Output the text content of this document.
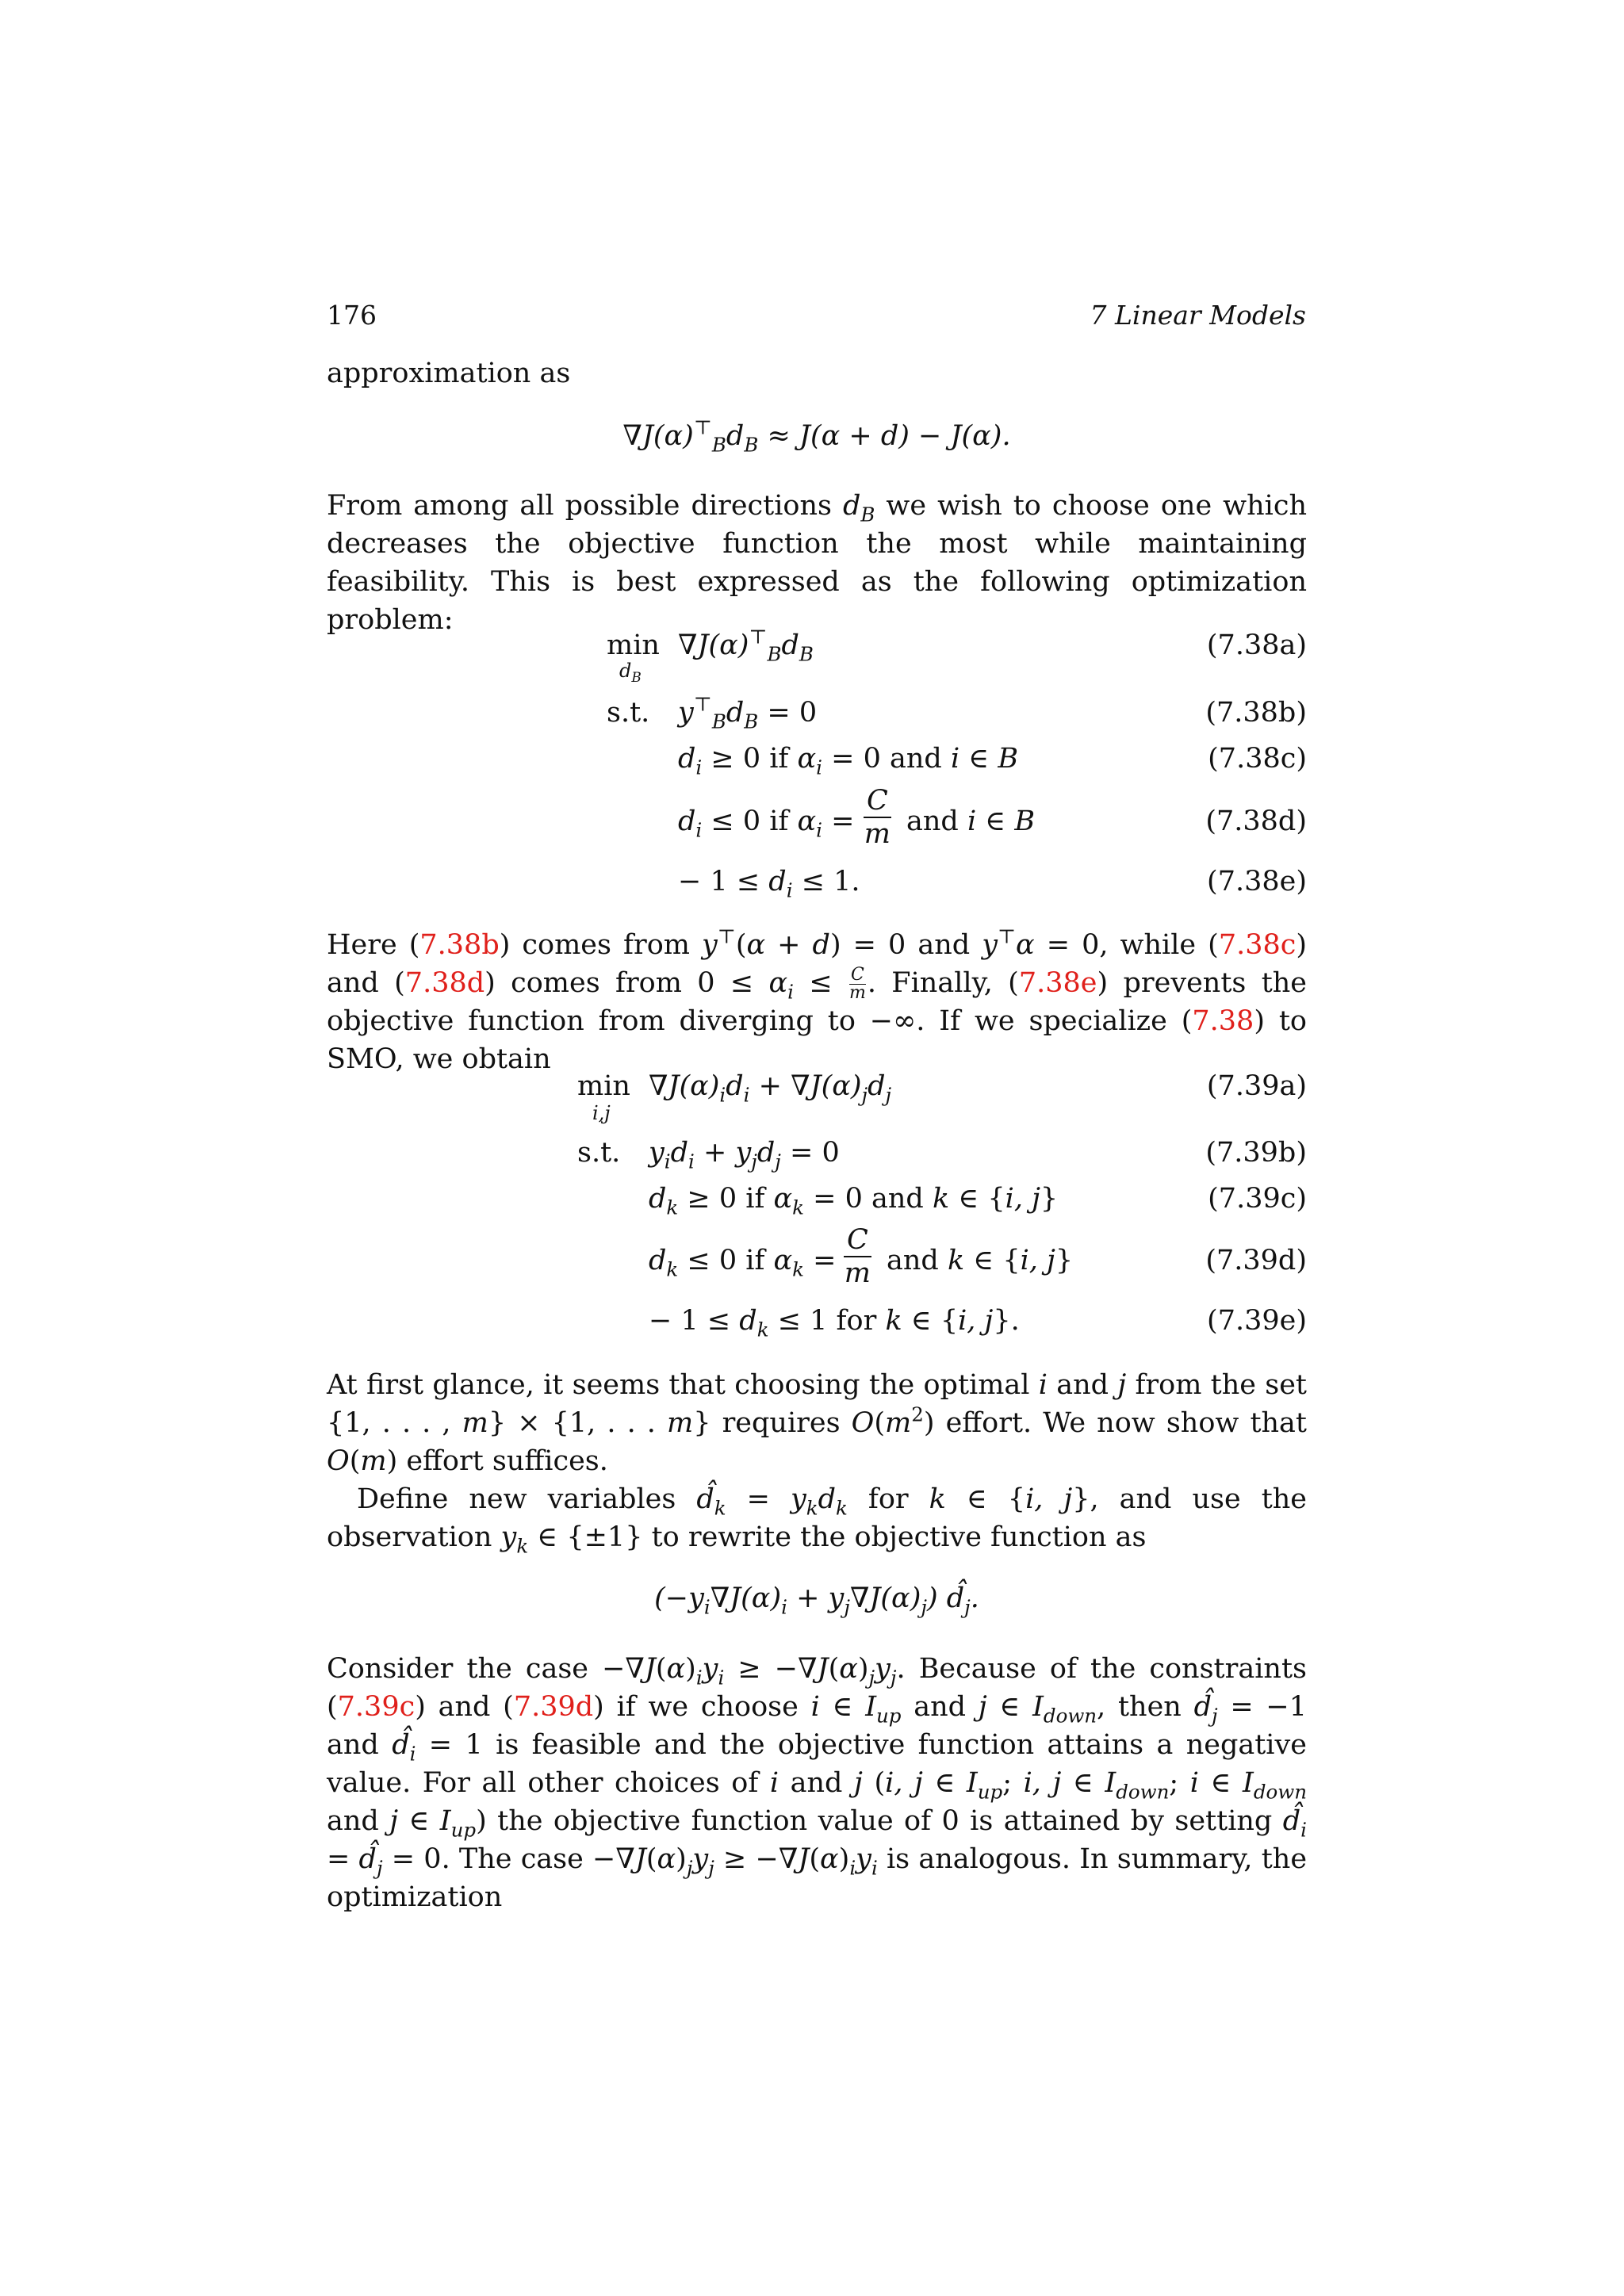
176	7 Linear Models
approximation as
$\nabla J(\alpha)^⊤_Bd_B \approx J(\alpha + d) - J(\alpha)$.
From among all possible directions $d_B$ we wish to choose one which decreases the objective function the most while maintaining feasibility. This is best expressed as the following optimization problem:
$\min \nabla J(\alpha)^⊤_Bd_B$	(7.38a)
$d_B$
s.t. $y^⊤_Bd_B = 0$	(7.38b)
$d_i \ge 0$ if $\alpha_i = 0$ and i ∈ B	(7.38c)
$d_i \le 0$ if $\alpha_i$ =	(7.38d)
$\frac{C}{m}$ and i ∈ B
− $1 \le d_i \le 1$.	(7.38e)
Here (7.38b) comes from y⊤(α + d) = 0 and y⊤α = 0, while (7.38c) and (7.38d) comes from $0 \le \alpha_i \le \frac{C}{m}$ . Finally, (7.38e) prevents the objective function from diverging to −∞. If we specialize (7.38) to SMO, we obtain
$\min \nabla J(\alpha)_id_i + \nabla J(\alpha)_jd_j$	(7.39a)
i,j
s.t. $y_id_i + y_jd_j = 0$	(7.39b)
$d_k \ge 0$ if $\alpha_k = 0$ and k ∈ {i, j}	(7.39c)
$d_k \le 0$ if $\alpha_k$ =	(7.39d)
$\frac{C}{m}$ and k ∈ {i, j}
− $1 \le d_k \le 1$ for k ∈ {i, j}.	(7.39e)
At first glance, it seems that choosing the optimal i and j from the set {1, . . . , m} × {1, . . . m} requires $O(m^2)$ effort. We now show that O(m) effort suffices.
Define new variables $d̂_k = y_kd_k$ for k ∈ {i, j}, and use the observation $y_k$ ∈ {±1} to rewrite the objective function as
$(-y_i\nabla J(\alpha)_i + y_j\nabla J(\alpha)_j)$ $d̂_j$.
Consider the case $-\nabla J(\alpha)_iy_i \ge -\nabla J(\alpha)_jy_j$. Because of the constraints (7.39c) and (7.39d) if we choose i ∈ $I_{up}$ and j ∈ $I_{down}$, then $d̂_j = -1$ and $d̂_i = 1$ is feasible and the objective function attains a negative value. For all other choices of i and j (i, j ∈ $I_{up}$; i, j ∈ $I_{down}$; i ∈ $I_{down}$ and j ∈ $I_{up}$) the objective function value of 0 is attained by setting $d̂_i$ = $d̂_j = 0$. The case $-\nabla J(\alpha)_jy_j \ge -\nabla J(\alpha)_iy_i$ is analogous. In summary, the optimization
